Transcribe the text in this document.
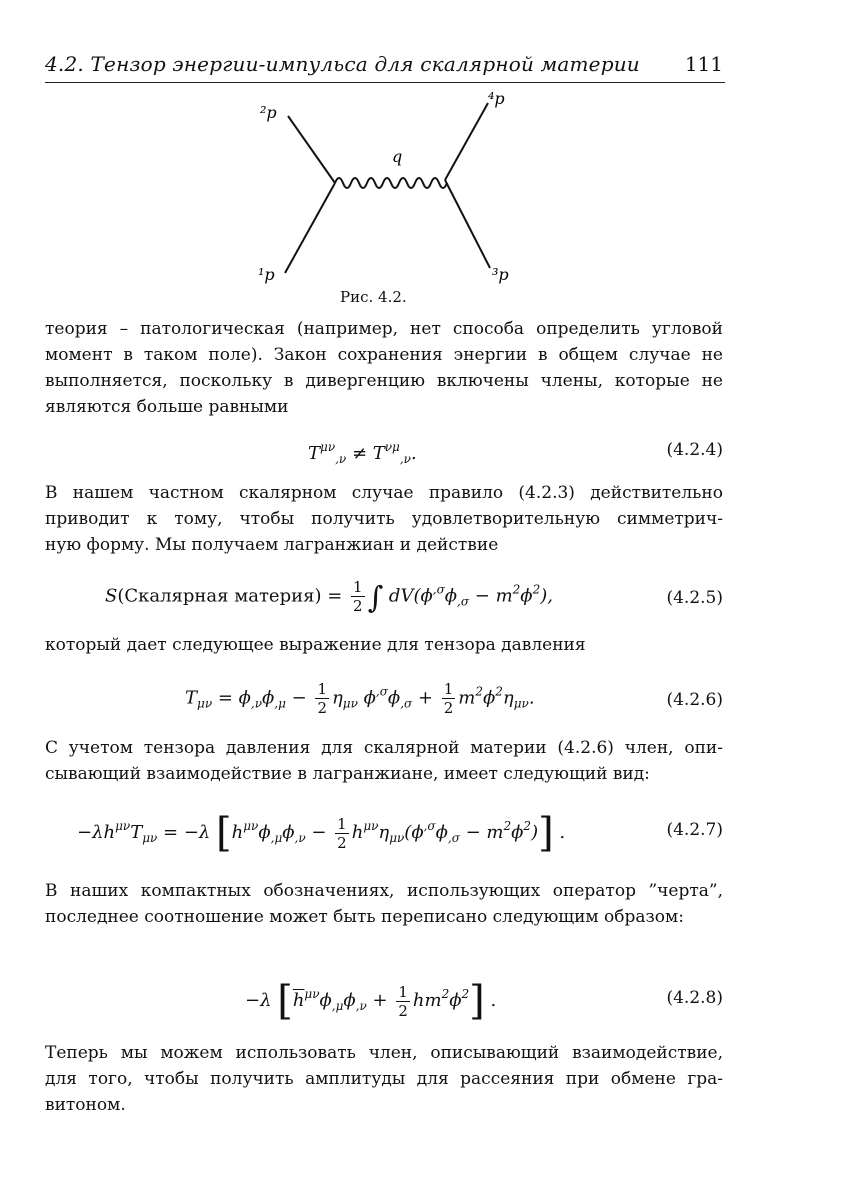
4.2. Тензор энергии-импульса для скалярной материи 111
²p
⁴p
q
¹p	³p
Рис. 4.2.
теория – патологическая (например, нет способа определить угловой
момент в таком поле). Закон сохранения энергии в общем случае не
выполняется, поскольку в дивергенцию включены члены, которые не
являются больше равными
$T^{\mu\nu}_{,\nu} \ne T^{\nu\mu}_{,\nu}$.	(4.2.4)
В нашем частном скалярном случае правило (4.2.3) действительно
приводит к тому, чтобы получить удовлетворительную симметрич-
ную форму. Мы получаем лагранжиан и действие
S(Скалярная материя) = $\frac{1}{2}$ ∫ $dV(\phi^{,\sigma}\phi_{,\sigma} - m^2\phi^2)$,	(4.2.5)
который дает следующее выражение для тензора давления
$T_{\mu\nu} = \phi_{,\nu}\phi_{,\mu} - \frac{1}{2} \eta_{\mu\nu}$ $\phi^{,\sigma}\phi_{,\sigma} + \frac{1}{2} m^2\phi^2\eta_{\mu\nu}$.	(4.2.6)
С учетом тензора давления для скалярной материи (4.2.6) член, опи-
сывающий взаимодействие в лагранжиане, имеет следующий вид:
$-\lambda h^{\mu\nu}T_{\mu\nu} = -\lambda$ $[h^{\mu\nu}\phi_{,\mu}\phi_{,\nu} - \frac{1}{2} h^{\mu\nu}\eta_{\mu\nu}(\phi^{,\sigma}\phi_{,\sigma} - m^2\phi^2)]$ .	(4.2.7)
В наших компактных обозначениях, использующих оператор ”черта”,
последнее соотношение может быть переписано следующим образом:
−λ $[\overline{h}^{\mu\nu}\phi_{,\mu}\phi_{,\nu} + \frac{1}{2} hm^2\phi^2]$ .	(4.2.8)
Теперь мы можем использовать член, описывающий взаимодействие,
для того, чтобы получить амплитуды для рассеяния при обмене гра-
витоном.
